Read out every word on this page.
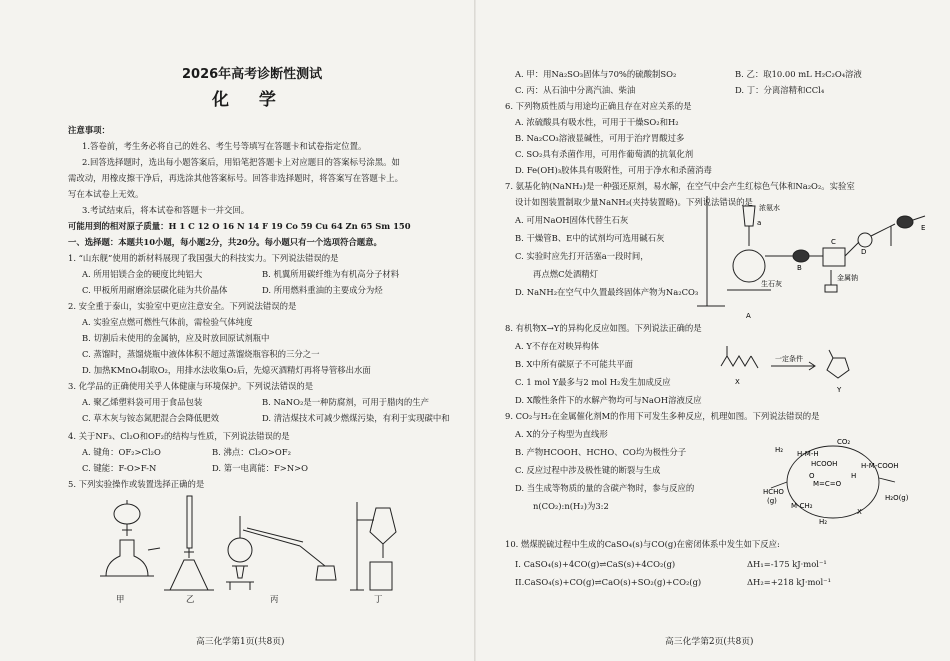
2026年高考诊断性测试
化 学
注意事项：
1.答卷前，考生务必将自己的姓名、考生号等填写在答题卡和试卷指定位置。
2.回答选择题时，选出每小题答案后，用铅笔把答题卡上对应题目的答案标号涂黑。如
需改动，用橡皮擦干净后，再选涂其他答案标号。回答非选择题时，将答案写在答题卡上。
写在本试卷上无效。
3.考试结束后，将本试卷和答题卡一并交回。
可能用到的相对原子质量：H 1 C 12 O 16 N 14 F 19 Co 59 Cu 64 Zn 65 Sm 150
一、选择题：本题共10小题，每小题2分，共20分。每小题只有一个选项符合题意。
1. “山东舰”使用的新材料展现了我国强大的科技实力。下列说法错误的是
A. 所用铝镁合金的硬度比纯铝大	B. 机翼所用碳纤维为有机高分子材料
C. 甲板所用耐磨涂层碳化硅为共价晶体	D. 所用燃料重油的主要成分为烃
2. 安全重于泰山，实验室中更应注意安全。下列说法错误的是
A. 实验室点燃可燃性气体前，需检验气体纯度
B. 切割后未使用的金属钠，应及时放回原试剂瓶中
C. 蒸馏时，蒸馏烧瓶中液体体积不超过蒸馏烧瓶容积的三分之一
D. 加热KMnO₄制取O₂，用排水法收集O₂后，先熄灭酒精灯再将导管移出水面
3. 化学品的正确使用关乎人体健康与环境保护。下列说法错误的是
A. 聚乙烯塑料袋可用于食品包装	B. NaNO₂是一种防腐剂，可用于腊肉的生产
C. 草木灰与铵态氮肥混合会降低肥效	D. 清洁煤技术可减少燃煤污染，有利于实现碳中和
4. 关于NF₃、Cl₂O和OF₂的结构与性质，下列说法错误的是
A. 键角：OF₂>Cl₂O	B. 沸点：Cl₂O>OF₂
C. 键能：F-O>F-N	D. 第一电离能：F>N>O
5. 下列实验操作或装置选择正确的是
甲	乙	丙	丁
高三化学第1页(共8页)
A. 甲：用Na₂SO₃固体与70%的硫酸制SO₂	B. 乙：取10.00 mL H₂C₂O₄溶液
C. 丙：从石油中分离汽油、柴油	D. 丁：分离溶精和CCl₄
6. 下列物质性质与用途均正确且存在对应关系的是
A. 浓硫酸具有吸水性，可用于干燥SO₂和H₂
B. Na₂CO₃溶液显碱性，可用于治疗胃酸过多
C. SO₂具有杀菌作用，可用作葡萄酒的抗氧化剂
D. Fe(OH)₃胶体具有吸附性，可用于净水和杀菌消毒
7. 氨基化钠(NaNH₂)是一种强还原剂，易水解，在空气中会产生红棕色气体和Na₂O₂。实验室
设计如图装置制取少量NaNH₂(夹持装置略)。下列说法错误的是
A. 可用NaOH固体代替生石灰
B. 干燥管B、E中的试剂均可选用碱石灰
C. 实验时应先打开活塞a一段时间，
再点燃C处酒精灯
D. NaNH₂在空气中久置最终固体产物为Na₂CO₃
浓氨水
生石灰
金属钠
A
B
C
D
E
a
8. 有机物X→Y的异构化反应如图。下列说法正确的是
A. Y不存在对映异构体
B. X中所有碳原子不可能共平面
C. 1 mol Y最多与2 mol H₂发生加成反应
D. X酸性条件下的水解产物均可与NaOH溶液反应
一定条件
X
Y
9. CO₂与H₂在金属催化剂M的作用下可发生多种反应，机理如图。下列说法错误的是
A. X的分子构型为直线形
B. 产物HCOOH、HCHO、CO均为极性分子
C. 反应过程中涉及极性键的断裂与生成
D. 当生成等物质的量的含碳产物时，参与反应的
n(CO₂):n(H₂)为3:2
H₂
CO₂
H-M-H
HCOOH	H-M-COOH
HCHO
(g)	H₂O(g)
M=C=O
O	H
X
M-CH₂
H₂
10. 燃煤脱硫过程中生成的CaSO₄(s)与CO(g)在密闭体系中发生如下反应:
I. CaSO₄(s)+4CO(g)⇌CaS(s)+4CO₂(g)	ΔH₁=-175 kJ·mol⁻¹
II.CaSO₄(s)+CO(g)⇌CaO(s)+SO₂(g)+CO₂(g)	ΔH₂=+218 kJ·mol⁻¹
高三化学第2页(共8页)
